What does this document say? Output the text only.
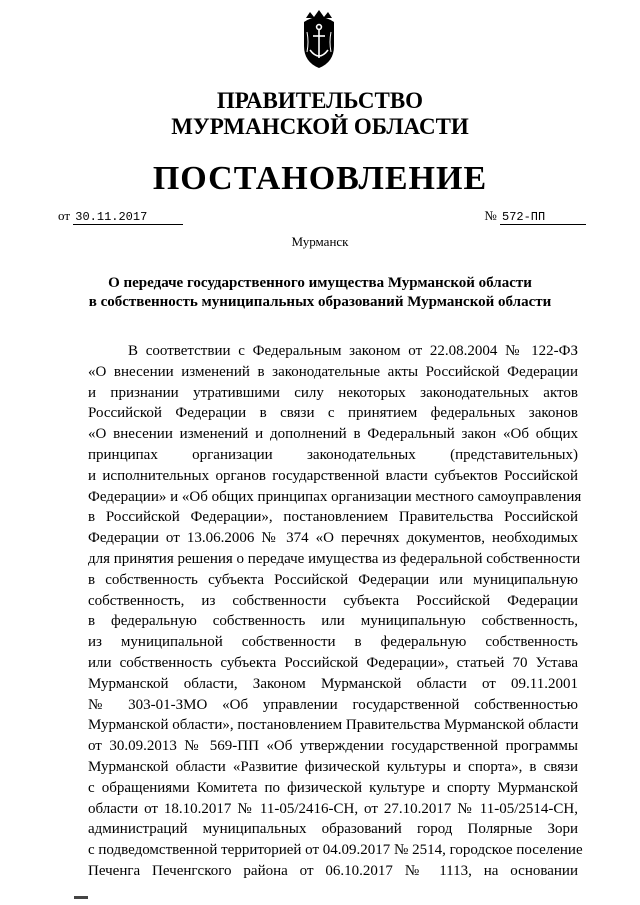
ПРАВИТЕЛЬСТВО
МУРМАНСКОЙ ОБЛАСТИ
ПОСТАНОВЛЕНИЕ
от 30.11.2017	№ 572-ПП
Мурманск
О передаче государственного имущества Мурманской области
в собственность муниципальных образований Мурманской области
В соответствии с Федеральным законом от 22.08.2004 № 122-ФЗ
«О внесении изменений в законодательные акты Российской Федерации
и признании утратившими силу некоторых законодательных актов
Российской Федерации в связи с принятием федеральных законов
«О внесении изменений и дополнений в Федеральный закон «Об общих
принципах организации законодательных (представительных)
и исполнительных органов государственной власти субъектов Российской
Федерации» и «Об общих принципах организации местного самоуправления
в Российской Федерации», постановлением Правительства Российской
Федерации от 13.06.2006 № 374 «О перечнях документов, необходимых
для принятия решения о передаче имущества из федеральной собственности
в собственность субъекта Российской Федерации или муниципальную
собственность, из собственности субъекта Российской Федерации
в федеральную собственность или муниципальную собственность,
из муниципальной собственности в федеральную собственность
или собственность субъекта Российской Федерации», статьей 70 Устава
Мурманской области, Законом Мурманской области от 09.11.2001
№ 303-01-ЗМО «Об управлении государственной собственностью
Мурманской области», постановлением Правительства Мурманской области
от 30.09.2013 № 569-ПП «Об утверждении государственной программы
Мурманской области «Развитие физической культуры и спорта», в связи
с обращениями Комитета по физической культуре и спорту Мурманской
области от 18.10.2017 № 11-05/2416-СН, от 27.10.2017 № 11-05/2514-СН,
администраций муниципальных образований город Полярные Зори
с подведомственной территорией от 04.09.2017 № 2514, городское поселение
Печенга Печенгского района от 06.10.2017 № 1113, на основании
